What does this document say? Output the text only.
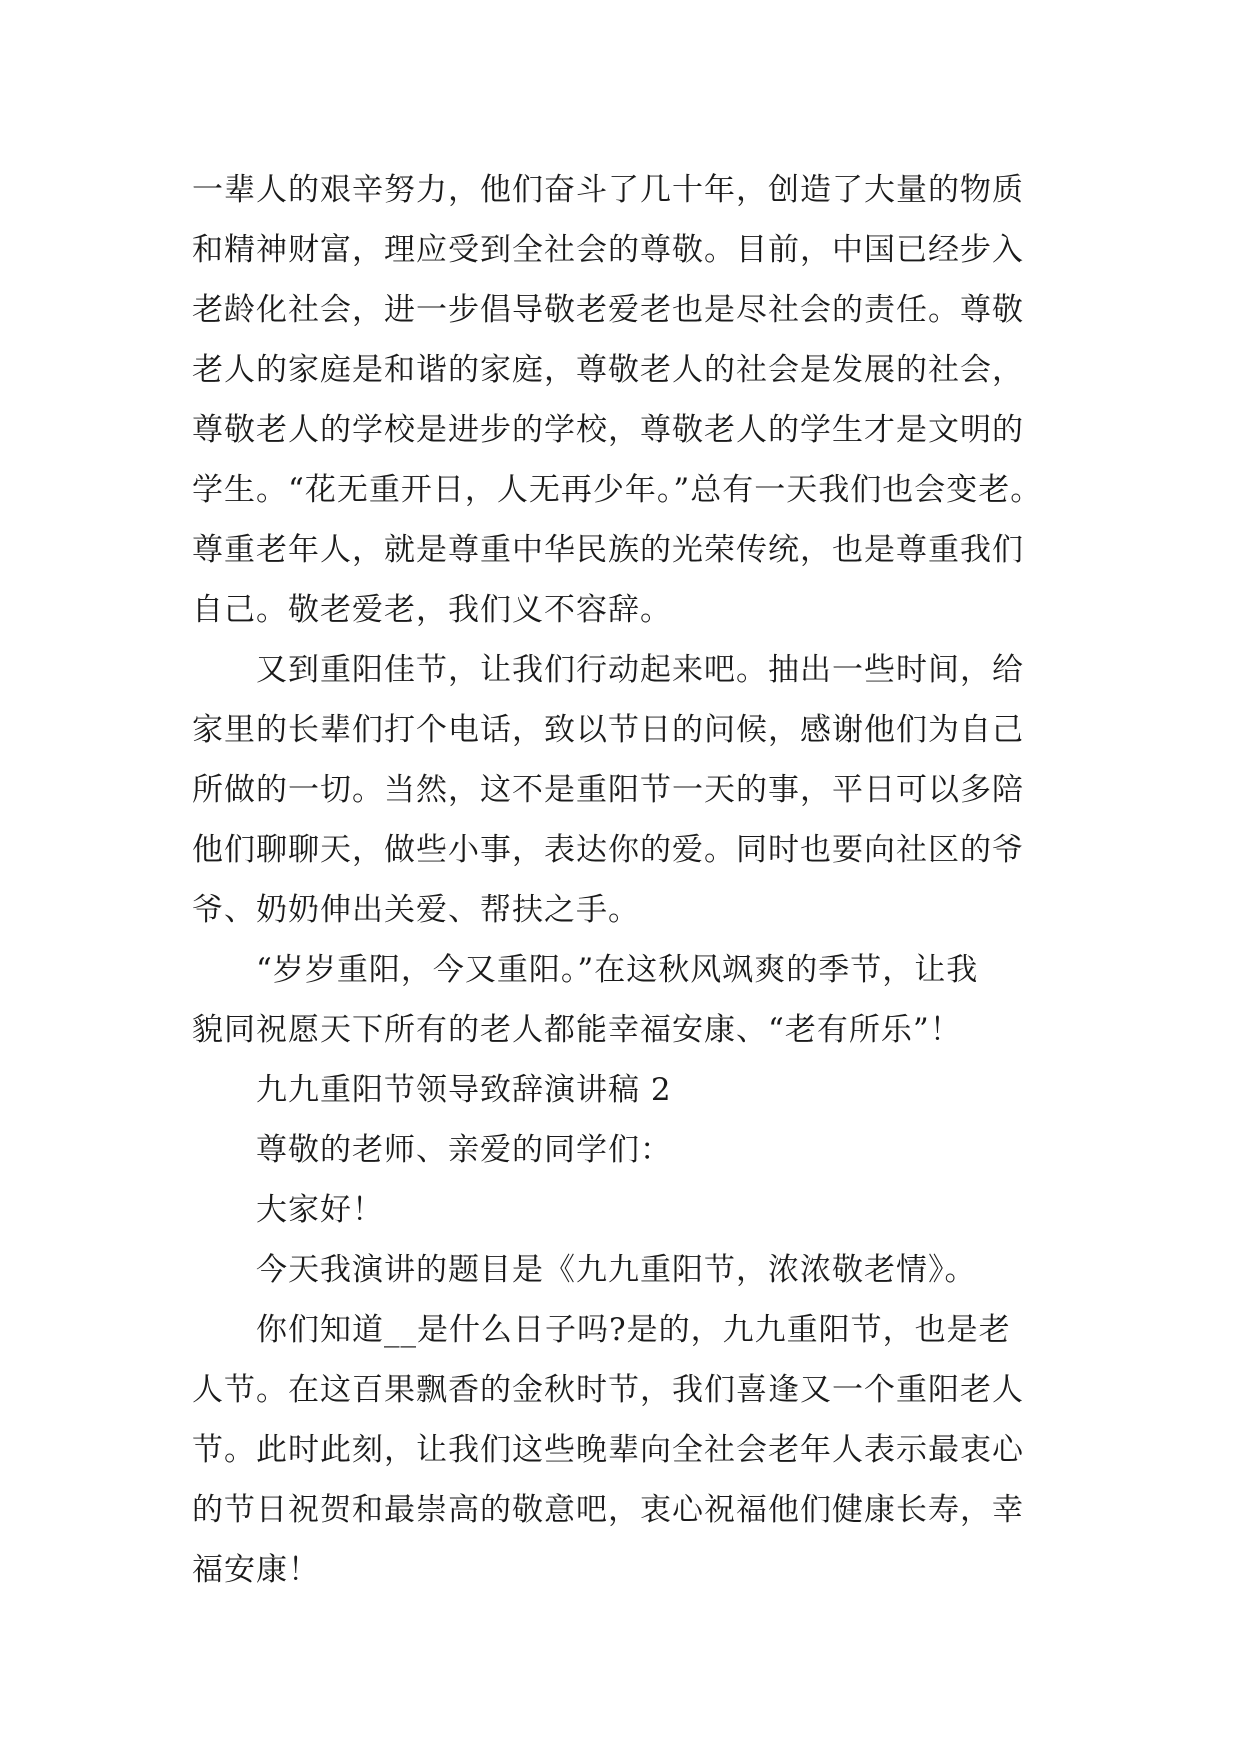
一辈人的艰辛努力，他们奋斗了几十年，创造了大量的物质
和精神财富，理应受到全社会的尊敬。目前，中国已经步入
老龄化社会，进一步倡导敬老爱老也是尽社会的责任。尊敬
老人的家庭是和谐的家庭，尊敬老人的社会是发展的社会，
尊敬老人的学校是进步的学校，尊敬老人的学生才是文明的
学生。“花无重开日，人无再少年。”总有一天我们也会变老。
尊重老年人，就是尊重中华民族的光荣传统，也是尊重我们
自己。敬老爱老，我们义不容辞。
又到重阳佳节，让我们行动起来吧。抽出一些时间，给
家里的长辈们打个电话，致以节日的问候，感谢他们为自己
所做的一切。当然，这不是重阳节一天的事，平日可以多陪
他们聊聊天，做些小事，表达你的爱。同时也要向社区的爷
爷、奶奶伸出关爱、帮扶之手。
“岁岁重阳，今又重阳。”在这秋风飒爽的季节，让我
貌同祝愿天下所有的老人都能幸福安康、“老有所乐”！
九九重阳节领导致辞演讲稿 2
尊敬的老师、亲爱的同学们：
大家好！
今天我演讲的题目是《九九重阳节，浓浓敬老情》。
你们知道__是什么日子吗?是的，九九重阳节，也是老
人节。在这百果飘香的金秋时节，我们喜逢又一个重阳老人
节。此时此刻，让我们这些晚辈向全社会老年人表示最衷心
的节日祝贺和最崇高的敬意吧，衷心祝福他们健康长寿，幸
福安康！
